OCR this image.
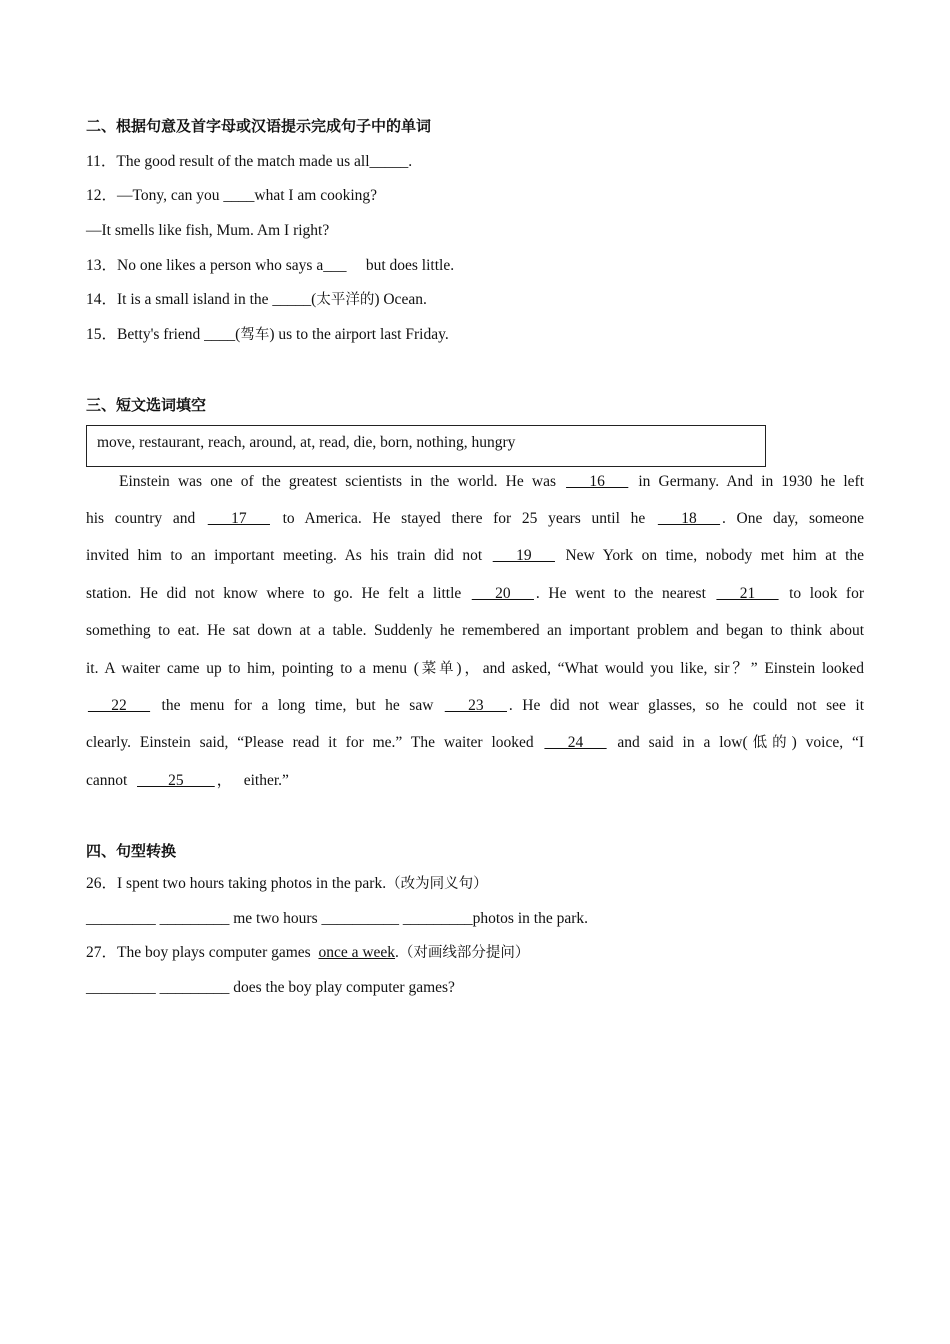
二、根据句意及首字母或汉语提示完成句子中的单词
11．The good result of the match made us all_____.
12．—Tony, can you ____what I am cooking?
—It smells like fish, Mum. Am I right?
13．No one likes a person who says a___     but does little.
14．It is a small island in the _____(太平洋的) Ocean.
15．Betty's friend ____(驾车) us to the airport last Friday.
三、短文选词填空
move, restaurant, reach, around, at, read, die, born, nothing, hungry
Einstein was one of the greatest scientists in the world. He was ___16___ in Germany. And in 1930 he left
his country and ___17___ to America. He stayed there for 25 years until he ___18___ . One day, someone
invited him to an important meeting. As his train did not ___19___ New York on time, nobody met him at the
station. He did not know where to go. He felt a little ___20___ . He went to the nearest ___21___ to look for
something to eat. He sat down at a table. Suddenly he remembered an important problem and began to think about
it. A waiter came up to him, pointing to a menu (菜单)，and asked, “What would you like, sir？” Einstein looked
___22___ the menu for a long time, but he saw ___23___ . He did not wear glasses, so he could not see it
clearly. Einstein said, “Please read it for me.” The waiter looked ___24___ and said in a low(低的) voice, “I
cannot ____25____ ，   either.”
四、句型转换
26．I spent two hours taking photos in the park.（改为同义句）
_________ _________ me two hours __________ _________photos in the park.
27．The boy plays computer games  once a week.（对画线部分提问）
_________ _________ does the boy play computer games?
